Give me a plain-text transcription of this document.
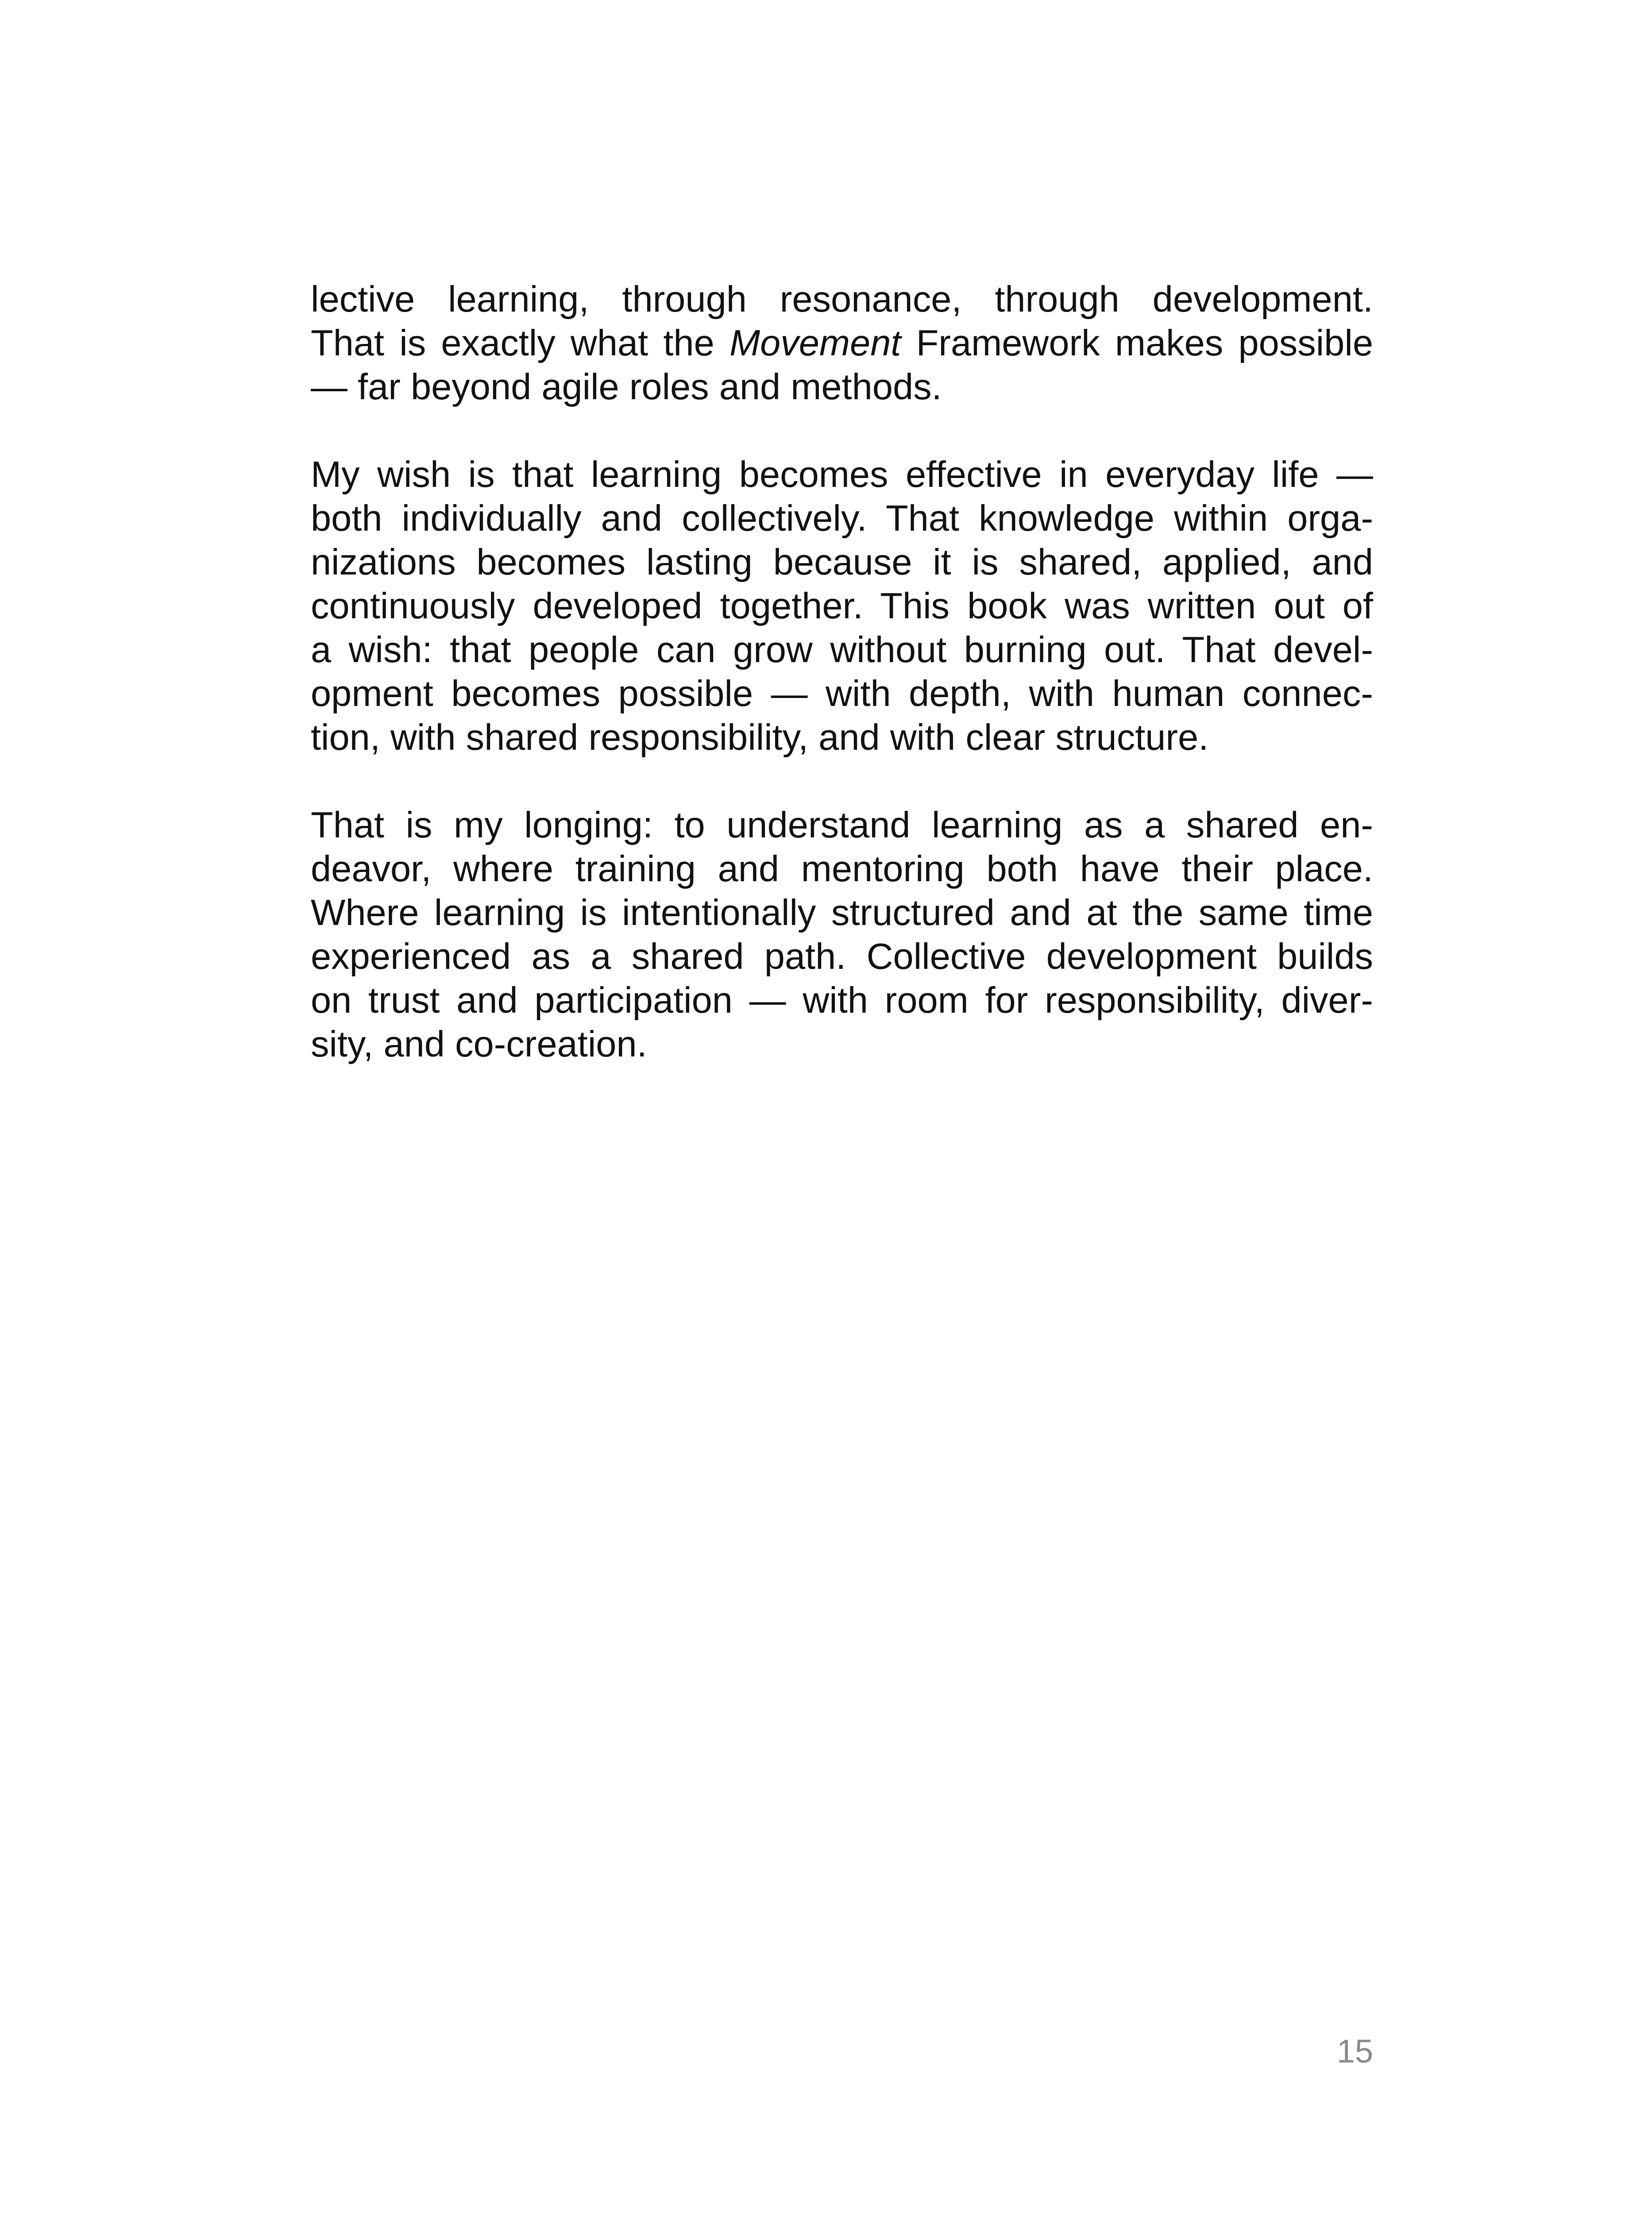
lective learning, through resonance, through development.
That is exactly what the Movement Framework makes possible
— far beyond agile roles and methods.
My wish is that learning becomes effective in everyday life —
both individually and collectively. That knowledge within orga-
nizations becomes lasting because it is shared, applied, and
continuously developed together. This book was written out of
a wish: that people can grow without burning out. That devel-
opment becomes possible — with depth, with human connec-
tion, with shared responsibility, and with clear structure.
That is my longing: to understand learning as a shared en-
deavor, where training and mentoring both have their place.
Where learning is intentionally structured and at the same time
experienced as a shared path. Collective development builds
on trust and participation — with room for responsibility, diver-
sity, and co-creation.
15
